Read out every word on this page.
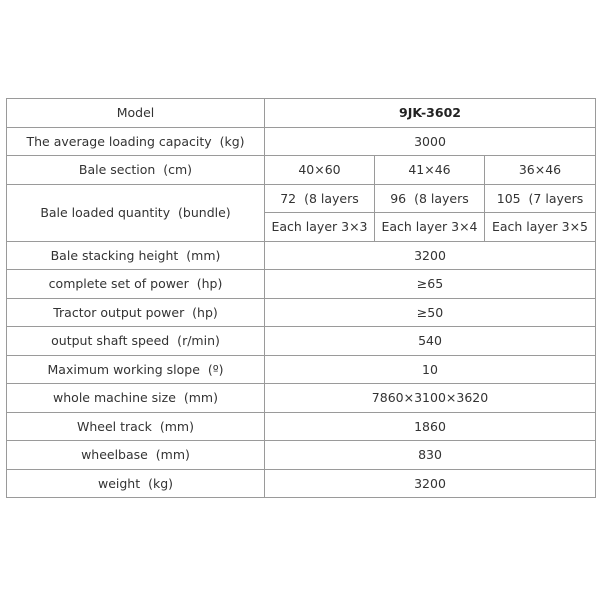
Model	9JK-3602		
The average loading capacity  (kg)	3000		
Bale section  (cm)	40×60	41×46	36×46
Bale loaded quantity  (bundle)	72  (8 layers	96  (8 layers	105  (7 layers
	Each layer 3×3	Each layer 3×4	Each layer 3×5
Bale stacking height  (mm)	3200		
complete set of power  (hp)	≥65		
Tractor output power  (hp)	≥50		
output shaft speed  (r/min)	540		
Maximum working slope  (º)	10		
whole machine size  (mm)	7860×3100×3620		
Wheel track  (mm)	1860		
wheelbase  (mm)	830		
weight  (kg)	3200		
